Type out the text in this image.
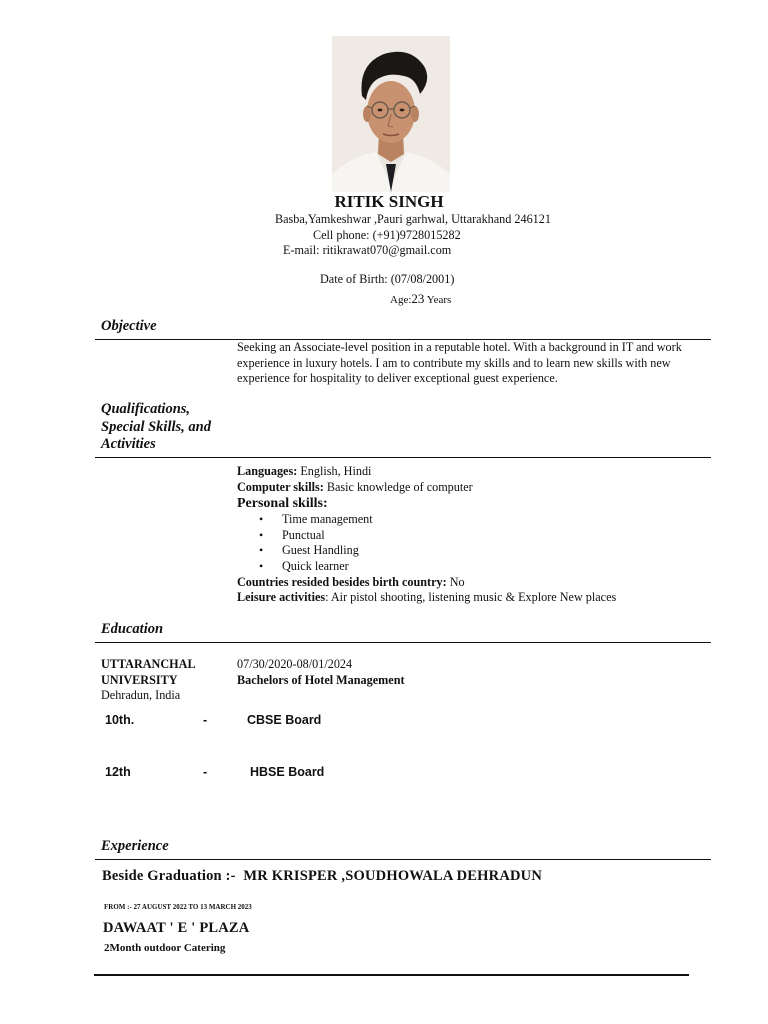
RITIK SINGH
Basba,Yamkeshwar ,Pauri garhwal, Uttarakhand 246121
Cell phone: (+91)9728015282
E-mail: ritikrawat070@gmail.com
Date of Birth: (07/08/2001)
Age:23 Years
Objective
Seeking an Associate-level position in a reputable hotel. With a background in IT and work
experience in luxury hotels. I am to contribute my skills and to learn new skills with new
experience for hospitality to deliver exceptional guest experience.
Qualifications,
Special Skills, and
Activities
Languages: English, Hindi
Computer skills: Basic knowledge of computer
Personal skills:
• Time management
• Punctual
• Guest Handling
• Quick learner
Countries resided besides birth country: No
Leisure activities: Air pistol shooting, listening music & Explore New places
Education
UTTARANCHAL
UNIVERSITY
Dehradun, India
07/30/2020-08/01/2024
Bachelors of Hotel Management
10th.	-	CBSE Board
12th	-	HBSE Board
Experience
Beside Graduation :- MR KRISPER ,SOUDHOWALA DEHRADUN
FROM :- 27 AUGUST 2022 TO 13 MARCH 2023
DAWAAT ' E ' PLAZA
2Month outdoor Catering
